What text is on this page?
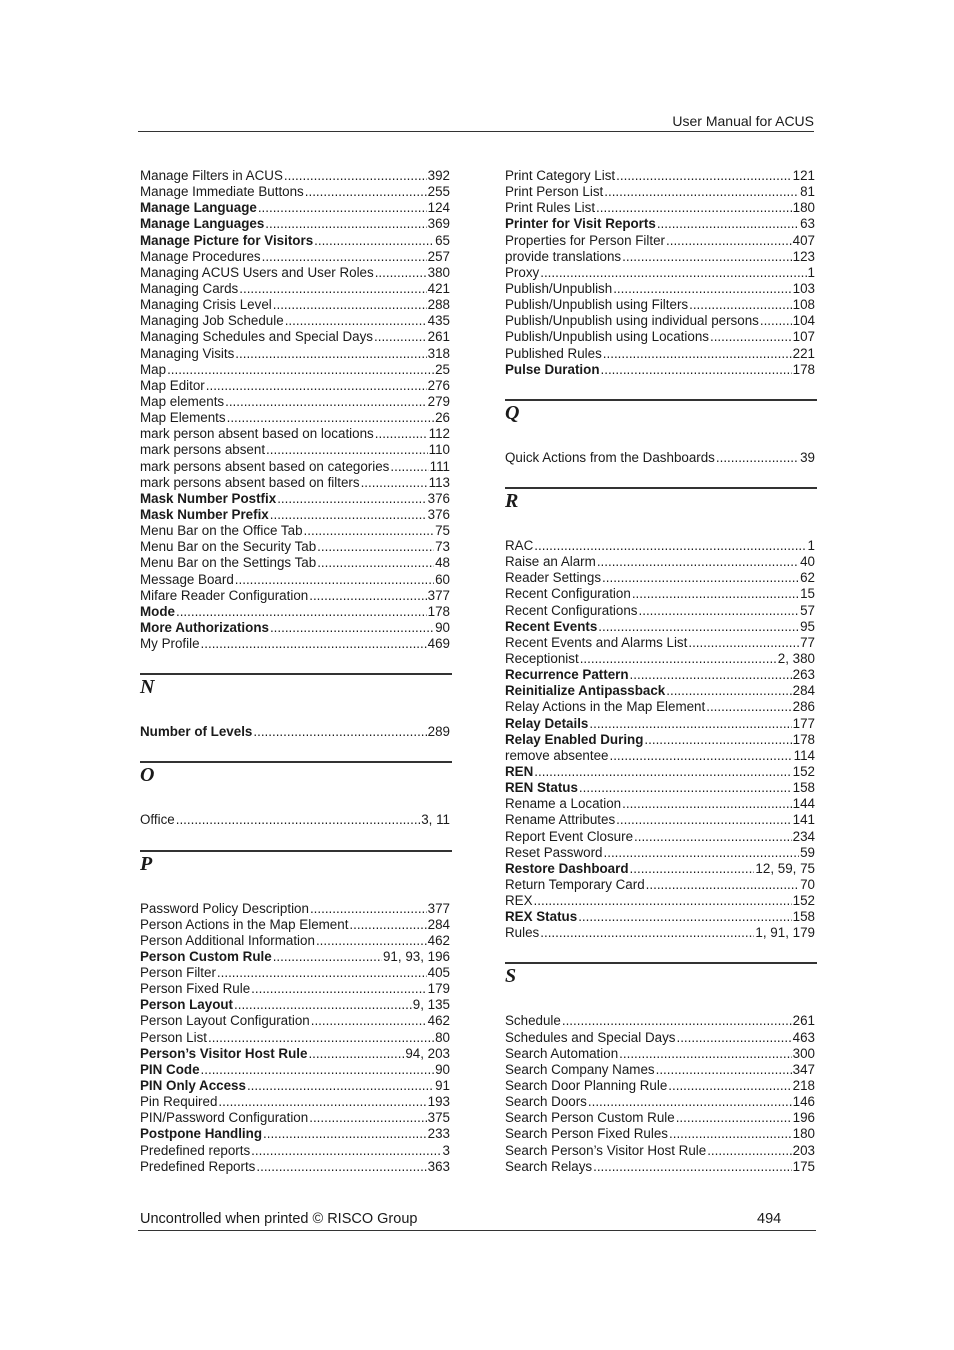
User Manual for ACUS
Manage Filters in ACUS .....	392
Manage Immediate Buttons .....	255
Manage Language .....	124
Manage Languages .....	369
Manage Picture for Visitors .....	65
Manage Procedures .....	257
Managing ACUS Users and User Roles .....	380
Managing Cards .....	421
Managing Crisis Level .....	288
Managing Job Schedule .....	435
Managing Schedules and Special Days .....	261
Managing Visits .....	318
Map .....	25
Map Editor .....	276
Map elements .....	279
Map Elements .....	26
mark person absent based on locations .....	112
mark persons absent .....	110
mark persons absent based on categories .....	111
mark persons absent based on filters .....	113
Mask Number Postfix .....	376
Mask Number Prefix .....	376
Menu Bar on the Office Tab .....	75
Menu Bar on the Security Tab .....	73
Menu Bar on the Settings Tab .....	48
Message Board .....	60
Mifare Reader Configuration .....	377
Mode .....	178
More Authorizations .....	90
My Profile .....	469
N
Number of Levels .....	289
O
Office .....	3, 11
P
Password Policy Description .....	377
Person Actions in the Map Element .....	284
Person Additional Information .....	462
Person Custom Rule .....	91, 93, 196
Person Filter .....	405
Person Fixed Rule .....	179
Person Layout .....	9, 135
Person Layout Configuration .....	462
Person List .....	80
Person’s Visitor Host Rule .....	94, 203
PIN Code .....	90
PIN Only Access .....	91
Pin Required .....	193
PIN/Password Configuration .....	375
Postpone Handling .....	233
Predefined reports .....	3
Predefined Reports .....	363
Print Category List .....	121
Print Person List .....	81
Print Rules List .....	180
Printer for Visit Reports .....	63
Properties for Person Filter .....	407
provide translations .....	123
Proxy .....	1
Publish/Unpublish .....	103
Publish/Unpublish using Filters .....	108
Publish/Unpublish using individual persons .....	104
Publish/Unpublish using Locations .....	107
Published Rules .....	221
Pulse Duration .....	178
Q
Quick Actions from the Dashboards .....	39
R
RAC .....	1
Raise an Alarm .....	40
Reader Settings .....	62
Recent Configuration .....	15
Recent Configurations .....	57
Recent Events .....	95
Recent Events and Alarms List .....	77
Receptionist .....	2, 380
Recurrence Pattern .....	263
Reinitialize Antipassback .....	284
Relay Actions in the Map Element .....	286
Relay Details .....	177
Relay Enabled During .....	178
remove absentee .....	114
REN .....	152
REN Status .....	158
Rename a Location .....	144
Rename Attributes .....	141
Report Event Closure .....	234
Reset Password .....	59
Restore Dashboard .....	12, 59, 75
Return Temporary Card .....	70
REX .....	152
REX Status .....	158
Rules .....	1, 91, 179
S
Schedule .....	261
Schedules and Special Days .....	463
Search Automation .....	300
Search Company Names .....	347
Search Door Planning Rule .....	218
Search Doors .....	146
Search Person Custom Rule .....	196
Search Person Fixed Rules .....	180
Search Person’s Visitor Host Rule .....	203
Search Relays .....	175
Uncontrolled when printed © RISCO Group	494
